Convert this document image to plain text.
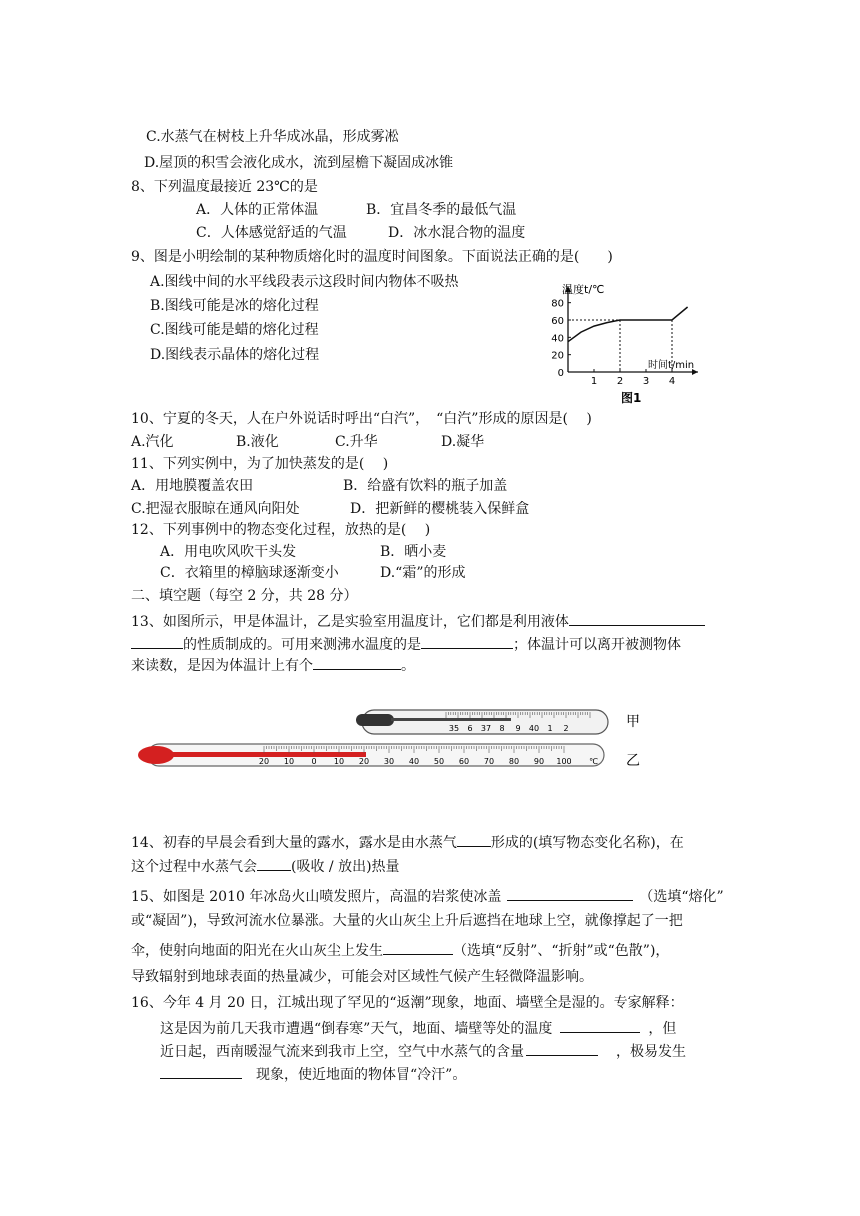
C.水蒸气在树枝上升华成冰晶，形成雾凇
D.屋顶的积雪会液化成水，流到屋檐下凝固成冰锥
8、下列温度最接近 23℃的是
A．人体的正常体温	B．宜昌冬季的最低气温
C．人体感觉舒适的气温	D．冰水混合物的温度
9、图是小明绘制的某种物质熔化时的温度时间图象。下面说法正确的是(　　)
A.图线中间的水平线段表示这段时间内物体不吸热
B.图线可能是冰的熔化过程
C.图线可能是蜡的熔化过程
D.图线表示晶体的熔化过程
0
20
40
60
80
1 2 3 4
温度t/℃
时间t/min
图1
10、宁夏的冬天，人在户外说话时呼出“白汽”，　“白汽”形成的原因是(　 )
A.汽化	B.液化	C.升华	D.凝华
11、下列实例中，为了加快蒸发的是(　 )
A．用地膜覆盖农田	B．给盛有饮料的瓶子加盖
C.把湿衣服晾在通风向阳处	D．把新鲜的樱桃装入保鲜盒
12、下列事例中的物态变化过程，放热的是(　 )
A．用电吹风吹干头发	B．晒小麦
C．衣箱里的樟脑球逐渐变小	D.“霜”的形成
二、填空题（每空 2 分，共 28 分）
13、如图所示，甲是体温计，乙是实验室用温度计，它们都是利用液体
的性质制成的。可用来测沸水温度的是	；体温计可以离开被测物体
来读数，是因为体温计上有个	。
35 6 37 8 9 40 1 2	甲
20 10 0 10 20 30 40 50 60 70 80 90 100 ℃ 乙
14、初春的早晨会看到大量的露水，露水是由水蒸气 形成的(填写物态变化名称)，在
这个过程中水蒸气会 (吸收 / 放出)热量
15、如图是 2010 年冰岛火山喷发照片，高温的岩浆使冰盖	（选填“熔化”
或“凝固”)，导致河流水位暴涨。大量的火山灰尘上升后遮挡在地球上空，就像撑起了一把
伞，使射向地面的阳光在火山灰尘上发生	（选填“反射”、“折射”或“色散”)，
导致辐射到地球表面的热量减少，可能会对区域性气候产生轻微降温影响。
16、今年 4 月 20 日，江城出现了罕见的“返潮”现象，地面、墙壁全是湿的。专家解释：
这是因为前几天我市遭遇“倒春寒”天气，地面、墙壁等处的温度	，但
近日起，西南暖湿气流来到我市上空，空气中水蒸气的含量	，极易发生
现象，使近地面的物体冒“冷汗”。
